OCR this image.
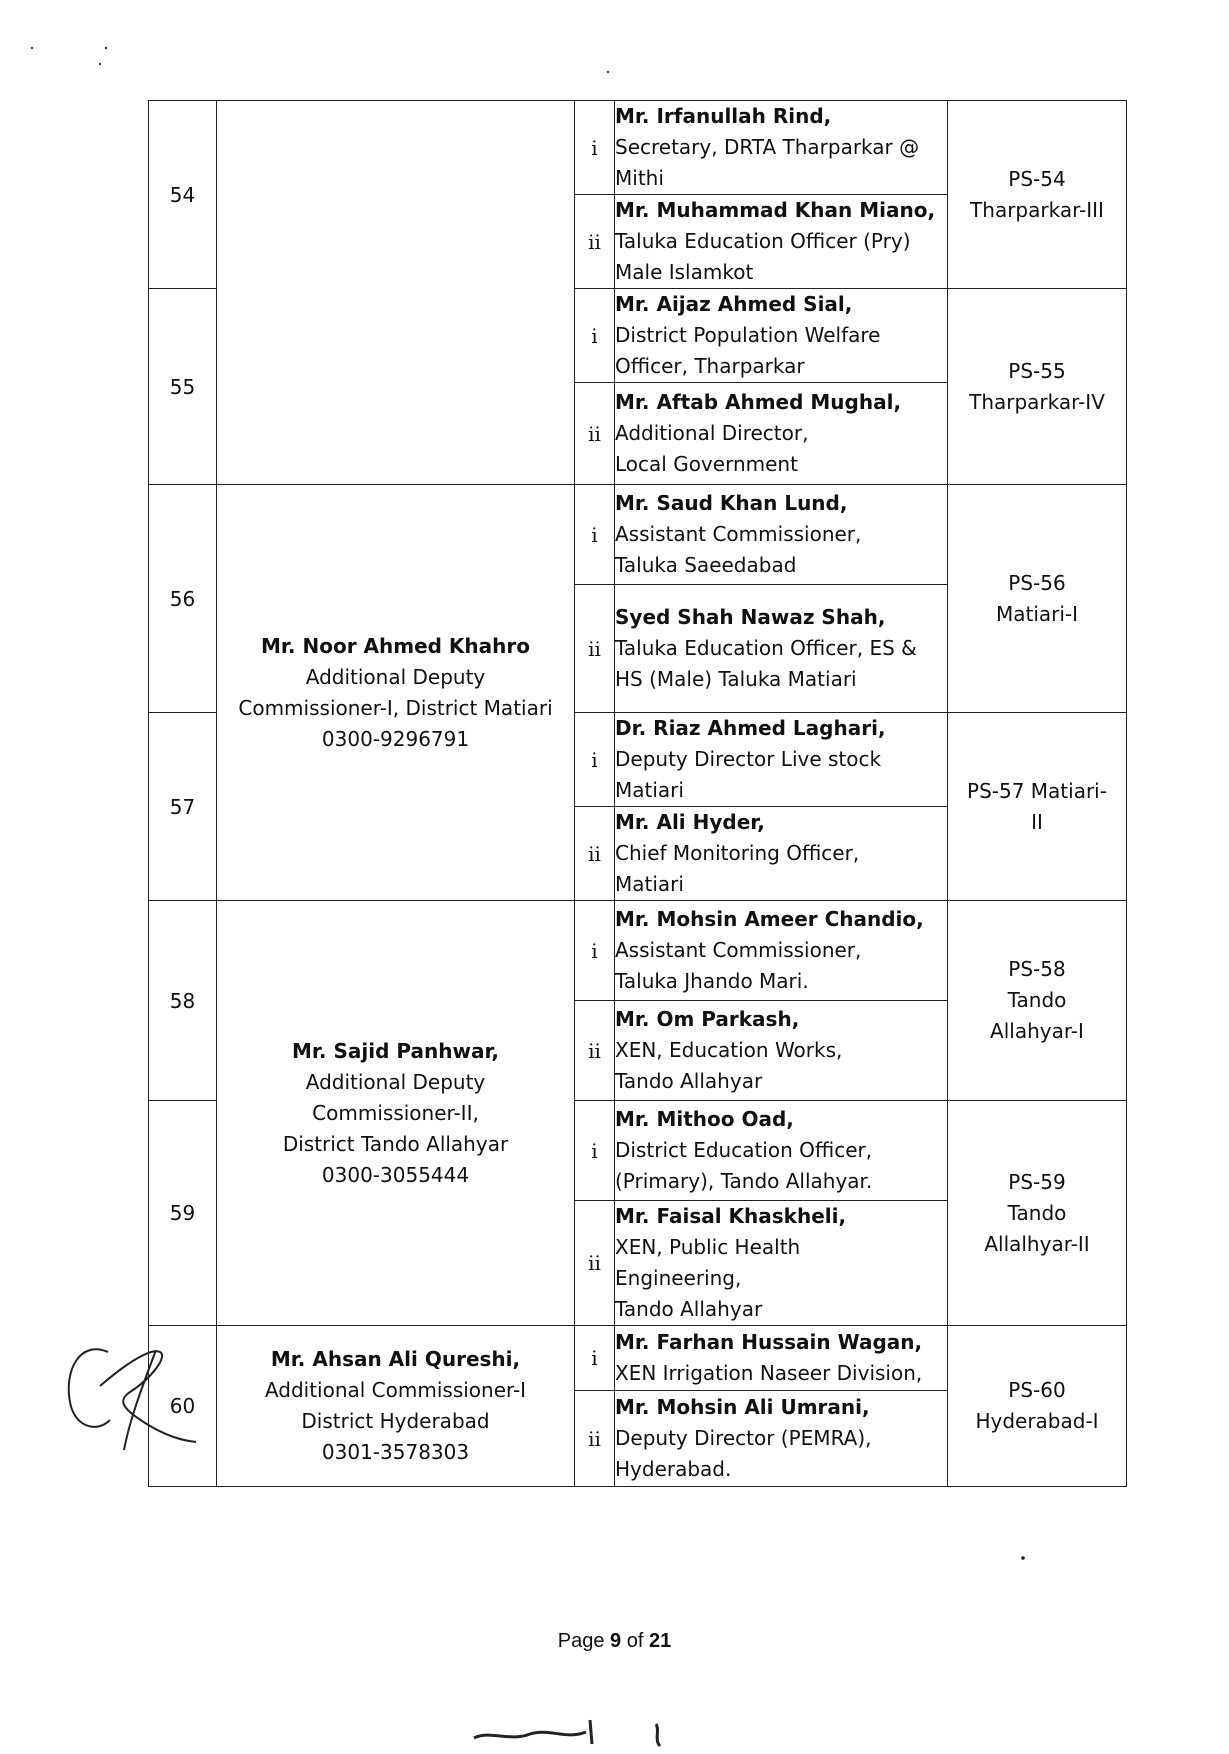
54		i	Mr. Irfanullah Rind,
Secretary, DRTA Tharparkar @
Mithi	PS-54
Tharparkar-III

		ii	Mr. Muhammad Khan Miano,
Taluka Education Officer (Pry)
Male Islamkot	

55		i	Mr. Aijaz Ahmed Sial,
District Population Welfare
Officer, Tharparkar	PS-55
Tharparkar-IV

		ii	Mr. Aftab Ahmed Mughal,
Additional Director,
Local Government	

56	Mr. Noor Ahmed Khahro
Additional Deputy
Commissioner-I, District Matiari
0300-9296791	i	Mr. Saud Khan Lund,
Assistant Commissioner,
Taluka Saeedabad	PS-56
Matiari-I

		ii	Syed Shah Nawaz Shah,
Taluka Education Officer, ES &
HS (Male) Taluka Matiari	

57		i	Dr. Riaz Ahmed Laghari,
Deputy Director Live stock
Matiari	PS-57 Matiari-
II

		ii	Mr. Ali Hyder,
Chief Monitoring Officer,
Matiari	

58	Mr. Sajid Panhwar,
Additional Deputy
Commissioner-II,
District Tando Allahyar
0300-3055444	i	Mr. Mohsin Ameer Chandio,
Assistant Commissioner,
Taluka Jhando Mari.	PS-58
Tando
Allahyar-I

		ii	Mr. Om Parkash,
XEN, Education Works,
Tando Allahyar	

59		i	Mr. Mithoo Oad,
District Education Officer,
(Primary), Tando Allahyar.	PS-59
Tando
Allalhyar-II

		ii	Mr. Faisal Khaskheli,
XEN, Public Health
Engineering,
Tando Allahyar	

60	Mr. Ahsan Ali Qureshi,
Additional Commissioner-I
District Hyderabad
0301-3578303	i	Mr. Farhan Hussain Wagan,
XEN Irrigation Naseer Division,	PS-60
Hyderabad-I

		ii	Mr. Mohsin Ali Umrani,
Deputy Director (PEMRA),
Hyderabad.	
Page 9 of 21
